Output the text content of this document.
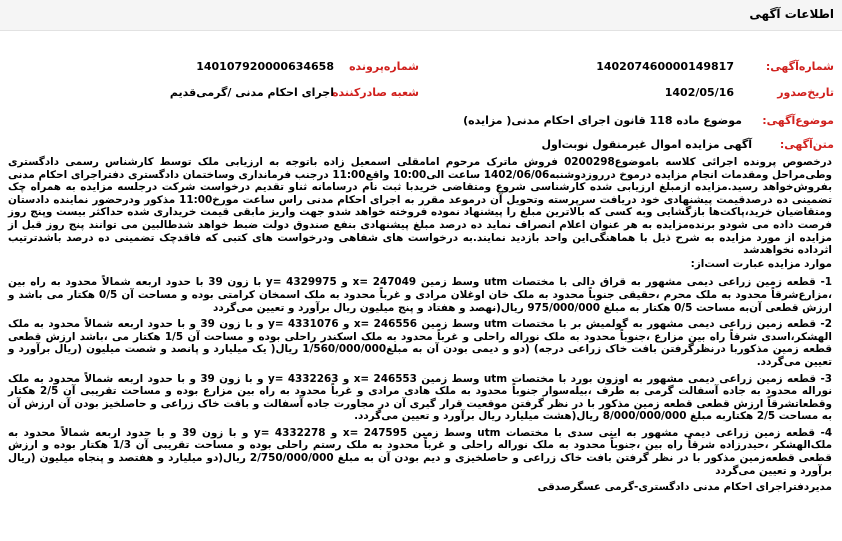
اطلاعات آگهی
شماره‌آگهی:
140207460000149817
شماره‌پرونده
140107920000634658
تاریخ‌صدور
1402/05/16
شعبه صادر‌کننده
اجرای احکام مدنی /گرمی‌قدیم
موضوع‌آگهی:
موضوع ماده 118 قانون اجرای احکام مدنی( مزایده)
متن‌آگهی:
آگهی مزایده اموال غیرمنقول نوبت‌اول

درخصوص پرونده اجرائی کلاسه باموضوع0200298 فروش ماترک مرحوم امامقلی اسمعیل زاده باتوجه به ارزیابی ملک توسط کارشناس رسمی دادگستری وطی‌مراحل ومقدمات انجام مزایده درموخ درروزدوشنبه1402/06/06 ساعت الی10:00 واقع11:00 درجنب فرمانداری وساختمان دادگستری دفتراجرای احکام مدنی بفروش‌خواهد رسید.مزایده ازمبلغ ارزیابی شده کارشناسی شروع ومتقاضی خریدبا ثبت نام درسامانه ثناو تقدیم درخواست شرکت درجلسه مزایده به همراه چک تضمینی ده درصدقیمت پیشنهادی خود دریافت سرپرسته وتحویل آن درموعد مقرر به اجرای احکام مدنی راس ساعت مورخ11:00 مذکور ودرحضور نماینده دادستان ومتقاضیان خرید،پاکت‌ها بازگشایی وبه کسی که بالاترین مبلغ را پیشنهاد نموده فروخته خواهد شدو جهت واریز مابقی قیمت خریداری شده حداکثر بیست وپنج روز فرصت داده می شودو برنده‌مزایده به هر عنوان اعلام انصراف نماید ده درصد مبلغ پیشنهادی بنفع صندوق دولت ضبط خواهد شدطالبین می توانند پنج روز قبل از مزایده از مورد مزایده به شرح ذیل با هماهنگی‌این واحد بازدید نمایند.به درخواست های شفاهی ودرخواست های کتبی که فاقدچک تضمینی ده درصد باشدترتیب اثرداده نخواهدشد

موارد مزایده عبارت است‌از:

1- قطعه زمین زراعی دیمی مشهور به قراق دالی با مختصات utm وسط زمین 247049 =x و 4329975 =y با زون 39 با حدود اربعه شمالاً محدود به راه بین ،مزارع‌شرقاً محدود به ملک محرم ،حقیقی جنوباً محدود به ملک خان اوغلان مرادی و غرباً محدود به ملک اسمخان کرامتی بوده و مساحت آن 0/5 هکتار می باشد و ارزش قطعی آن‌به مساحت 0/5 هکتار به مبلغ 975/000/000 ریال(نهصد و هفتاد و پنج میلیون ریال برآورد و تعیین می‌گردد

2- قطعه زمین زراعی دیمی مشهور به گولمیش بر با مختصات utm وسط زمین 246556 =x و 4331076 =y و با زون 39 و با حدود اربعه شمالاً محدود به ملک الهشکر،اسدی شرقاً راه بین مزارع ،جنوباً محدود به ملک نوراله راحلی و غرباً محدود به ملک اسکندر راحلی بوده و مساحت آن 1/5 هکتار می ،باشد ارزش قطعی قطعه زمین مذکوربا درنظرگرفتن بافت خاک زراعی درجه) (دو و دیمی بودن آن به مبلغ1/560/000/000 ریال( یک میلیارد و پانصد و شصت میلیون (ریال برآورد و تعیین می‌گردد.

3- قطعه زمین زراعی دیمی مشهور به اوزون بورد با مختصات utm وسط زمین 246553 =x و 4332263 =y و با زون 39 و با حدود اربعه شمالاً محدود به ملک نوراله محدود به جاده آسفالت گرمی به طرف ،بیله‌سوار جنوباً محدود به ملک هادی مرادی و غرباً محدود به راه بین مزارع بوده و مساحت تقریبی آن 2/5 هکتار وقطعاتشرقاً ارزش قطعی قطعه زمین مذکور با در نظر گرفتن موقعیت قرار گیری آن در مجاورت جاده آسفالت و بافت خاک زراعی و حاصلخیز بودن آن ارزش آن به مساحت 2/5 هکتاربه مبلغ 8/000/000/000 ریال(هشت میلیارد ریال برآورد و تعیین می‌گردد.

4- قطعه زمین زراعی دیمی مشهور به اینی سدی با مختصات utm وسط زمین 247595 =x و 4332278 =y و با زون 39 و با حدود اربعه شمالاً محدود به ملک‌الهشکر ،حیدرزاده شرقاً راه بین ،جنوباً محدود به ملک نوراله راحلی و غرباً محدود به ملک رستم راحلی بوده و مساحت تقریبی آن 1/3 هکتار بوده و ارزش قطعی قطعه‌زمین مذکور با در نظر گرفتن بافت خاک زراعی و حاصلخیزی و دیم بودن آن به مبلغ 2/750/000/000 ریال(دو میلیارد و هفتصد و پنجاه میلیون (ریال برآورد و تعیین می‌گردد

مدیردفتراجرای احکام مدنی دادگستری-گرمی عسگرصدقی
